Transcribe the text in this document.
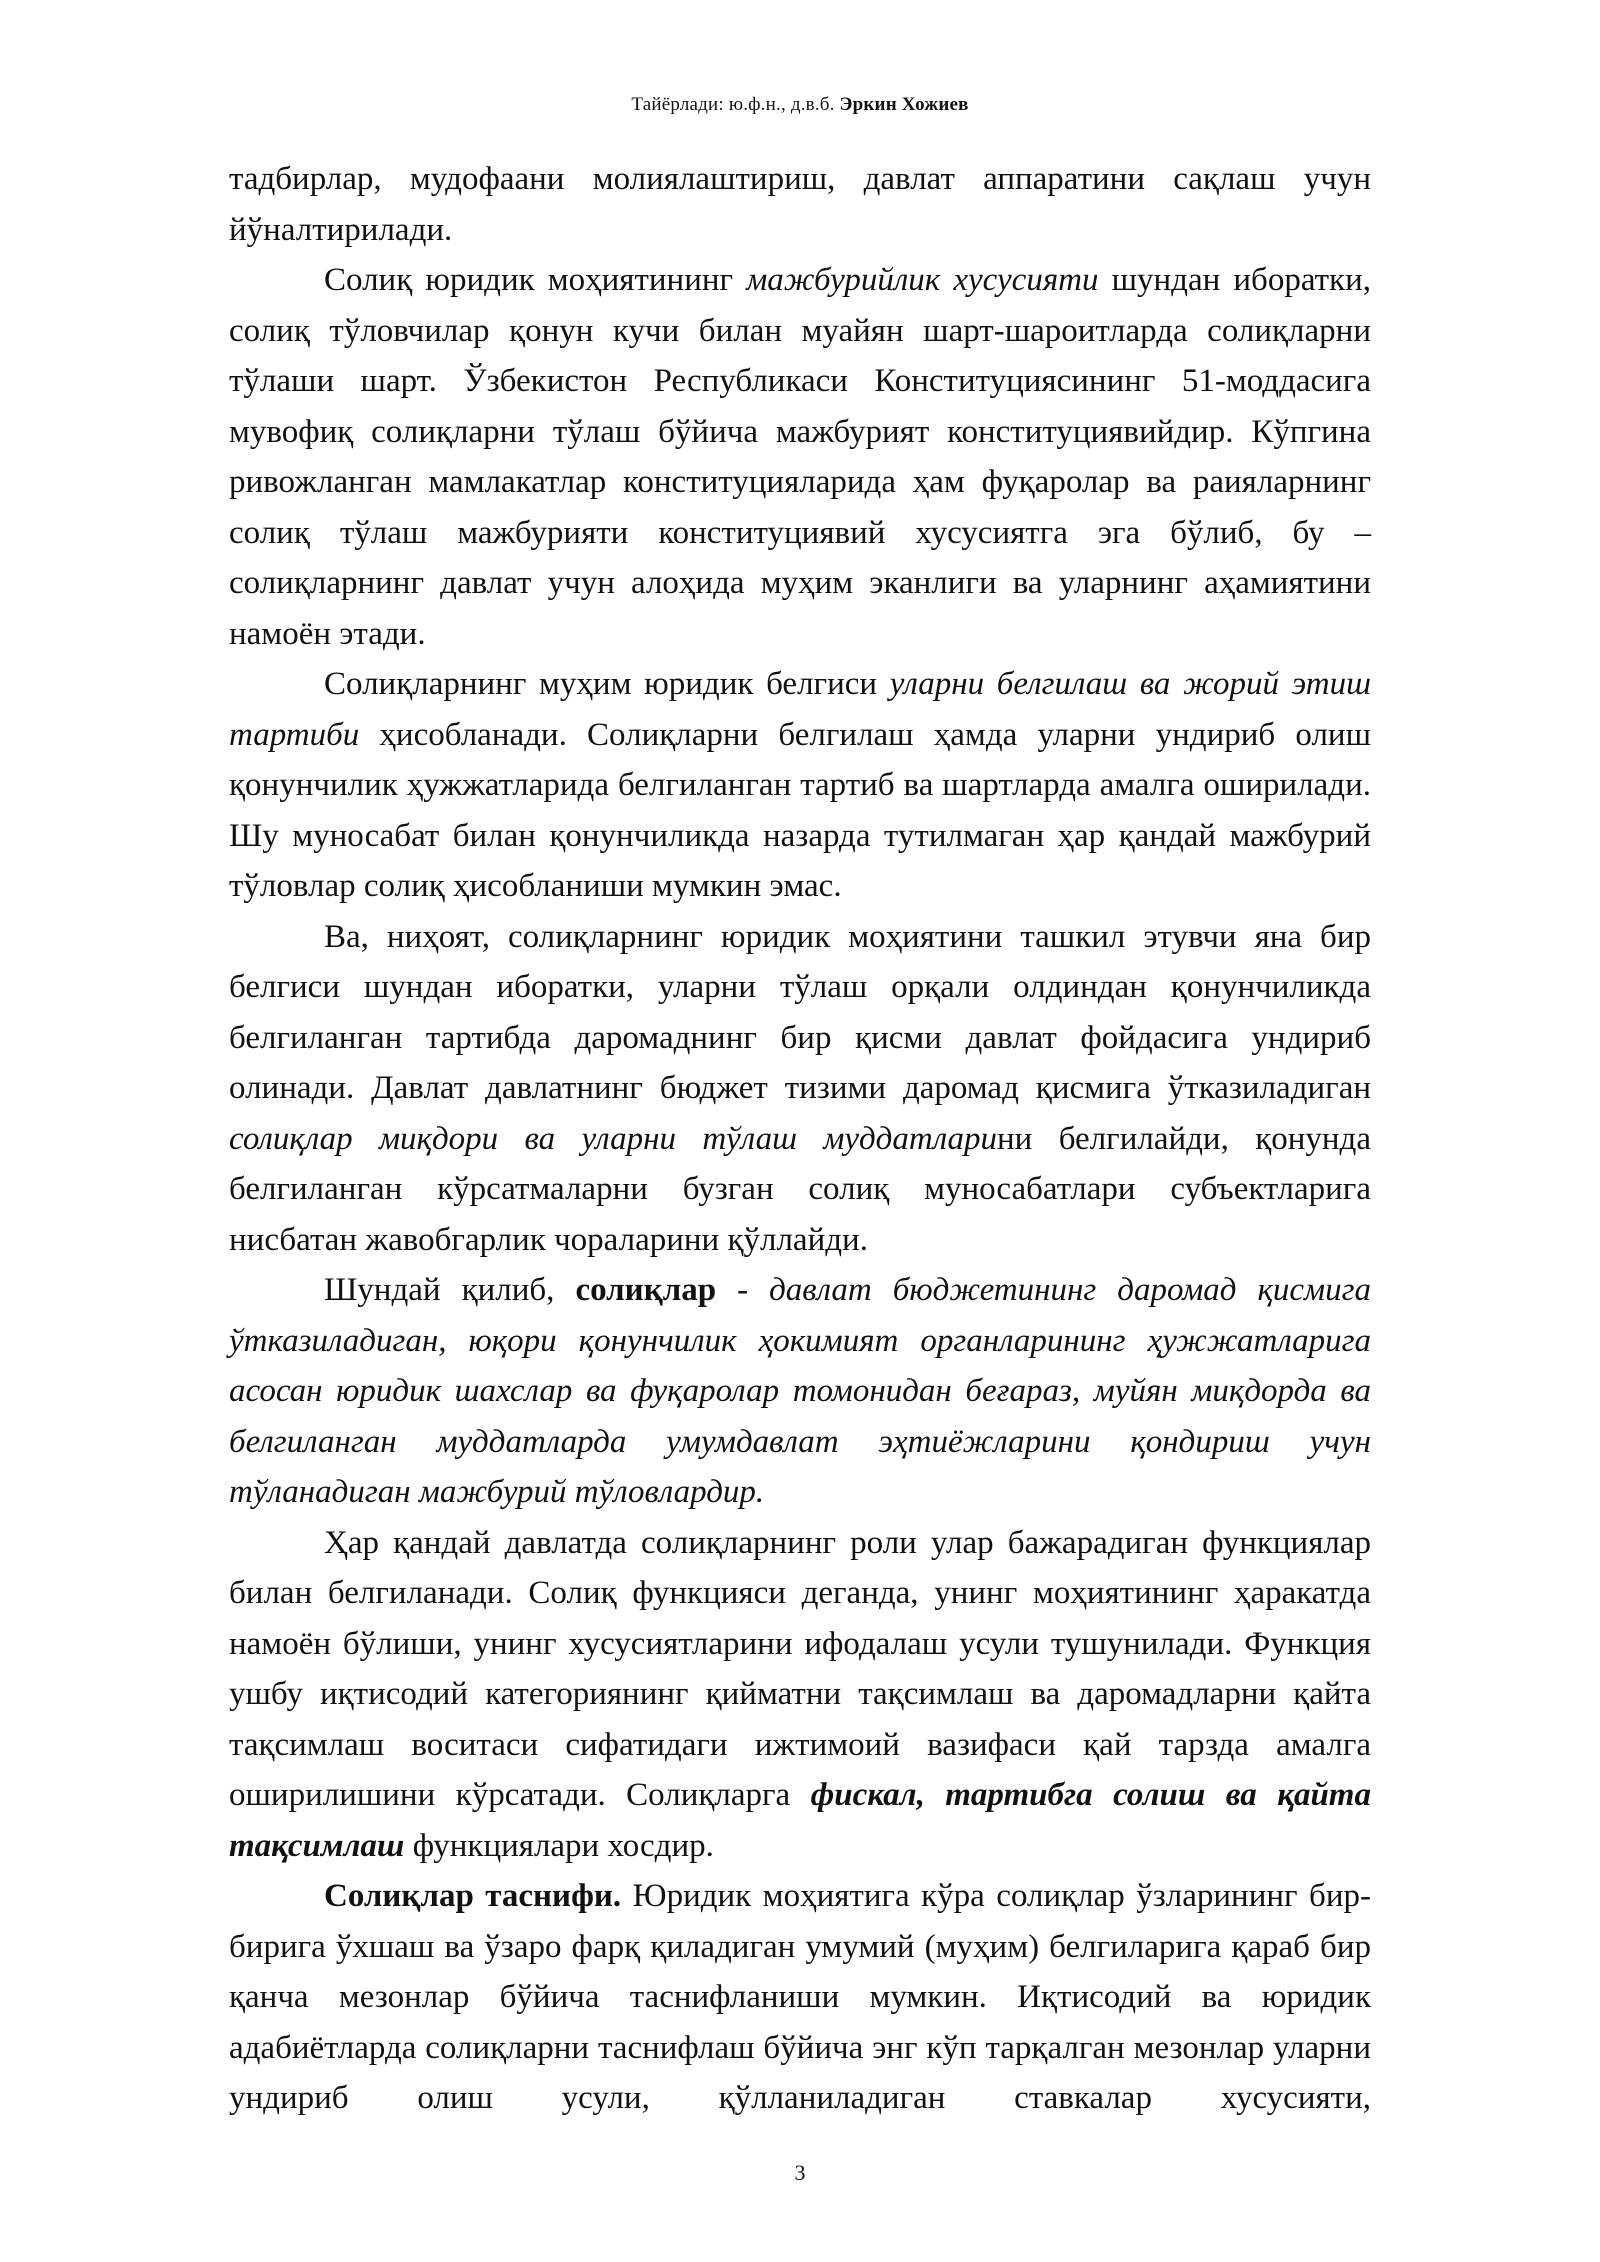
Тайёрлади: ю.ф.н., д.в.б. Эркин Хожиев

тадбирлар, мудофаани молиялаштириш, давлат аппаратини сақлаш учун йўналтирилади.

Солиқ юридик моҳиятининг мажбурийлик хусусияти шундан иборатки, солиқ тўловчилар қонун кучи билан муайян шарт-шароитларда солиқларни тўлаши шарт. Ўзбекистон Республикаси Конституциясининг 51-моддасига мувофиқ солиқларни тўлаш бўйича мажбурият конституциявийдир. Кўпгина ривожланган мамлакатлар конституцияларида ҳам фуқаролар ва раияларнинг солиқ тўлаш мажбурияти конституциявий хусусиятга эга бўлиб, бу – солиқларнинг давлат учун алоҳида муҳим эканлиги ва уларнинг аҳамиятини намоён этади.

Солиқларнинг муҳим юридик белгиси уларни белгилаш ва жорий этиш тартиби ҳисобланади. Солиқларни белгилаш ҳамда уларни ундириб олиш қонунчилик ҳужжатларида белгиланган тартиб ва шартларда амалга оширилади. Шу муносабат билан қонунчиликда назарда тутилмаган ҳар қандай мажбурий тўловлар солиқ ҳисобланиши мумкин эмас.

Ва, ниҳоят, солиқларнинг юридик моҳиятини ташкил этувчи яна бир белгиси шундан иборатки, уларни тўлаш орқали олдиндан қонунчиликда белгиланган тартибда даромаднинг бир қисми давлат фойдасига ундириб олинади. Давлат давлатнинг бюджет тизими даромад қисмига ўтказиладиган солиқлар миқдори ва уларни тўлаш муддатларини белгилайди, қонунда белгиланган кўрсатмаларни бузган солиқ муносабатлари субъектларига нисбатан жавобгарлик чораларини қўллайди.

Шундай қилиб, солиқлар - давлат бюджетининг даромад қисмига ўтказиладиган, юқори қонунчилик ҳокимият органларининг ҳужжатларига асосан юридик шахслар ва фуқаролар томонидан беғараз, муйян миқдорда ва белгиланган муддатларда умумдавлат эҳтиёжларини қондириш учун тўланадиган мажбурий тўловлардир.

Ҳар қандай давлатда солиқларнинг роли улар бажарадиган функциялар билан белгиланади. Солиқ функцияси деганда, унинг моҳиятининг ҳаракатда намоён бўлиши, унинг хусусиятларини ифодалаш усули тушунилади. Функция ушбу иқтисодий категориянинг қийматни тақсимлаш ва даромадларни қайта тақсимлаш воситаси сифатидаги ижтимоий вазифаси қай тарзда амалга оширилишини кўрсатади. Солиқларга фискал, тартибга солиш ва қайта тақсимлаш функциялари хосдир.

Солиқлар таснифи. Юридик моҳиятига кўра солиқлар ўзларининг бир-бирига ўхшаш ва ўзаро фарқ қиладиган умумий (муҳим) белгиларига қараб бир қанча мезонлар бўйича таснифланиши мумкин. Иқтисодий ва юридик адабиётларда солиқларни таснифлаш бўйича энг кўп тарқалган мезонлар уларни ундириб олиш усули, қўлланиладиган ставкалар хусусияти,

3
